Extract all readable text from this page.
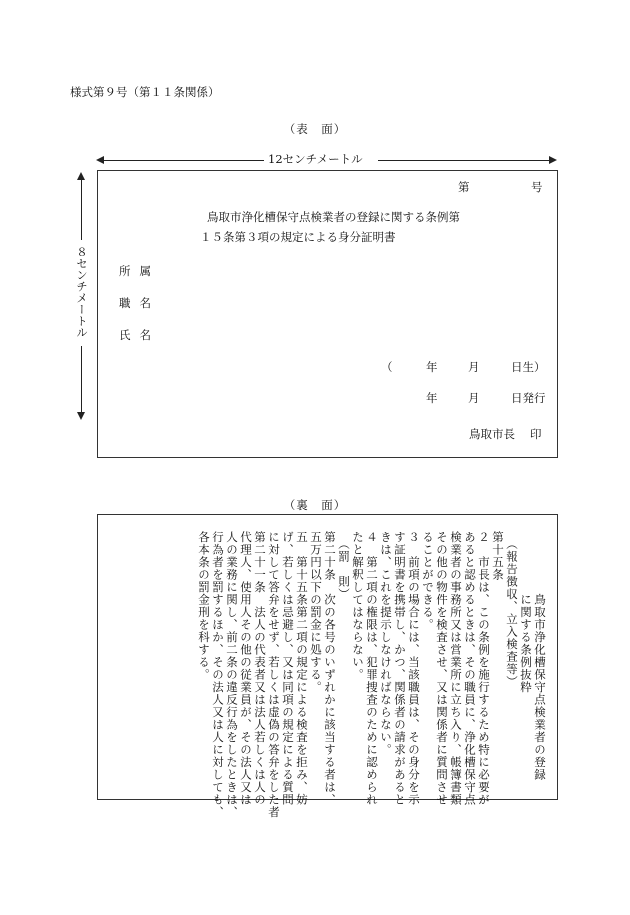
様式第９号（第１１条関係）
（表　面）
12センチメートル
８センチメートル
第	号
鳥取市浄化槽保守点検業者の登録に関する条例第
１５条第３項の規定による身分証明書
所属
職名
氏名
（	年	月	日生）
年	月	日発行
鳥取市長 印
（裏　面）
　　　　　鳥取市浄化槽保守点検業者の登録
　　　　　に関する条例抜粋
　（報告徴収、立入検査等）
第十五条
２　市長は、この条例を施行するため特に必要が
あると認めるときは、その職員に、浄化槽保守点
検業者の事務所又は営業所に立ち入り、帳簿書類
その他の物件を検査させ、又は関係者に質問させ
ることができる。
３　前項の場合には、当該職員は、その身分を示
す証明書を携帯し、かつ、関係者の請求があると
きは、これを提示しなければならない。
４　第二項の権限は、犯罪捜査のために認められ
たと解釈してはならない。
　（罰　則）
第二十条　次の各号のいずれかに該当する者は、
五万円以下の罰金に処する。
五　第十五条第二項の規定による検査を拒み、妨
げ、若しくは忌避し、又は同項の規定による質問
に対して答弁をせず、若しくは虚偽の答弁をした者
第二十一条　法人の代表者又は法人若しくは人の
代理人、使用人その他の従業員が、その法人又は
人の業務に関し、前二条の違反行為をしたときは、
行為者を罰するほか、その法人又は人に対しても、
各本条の罰金刑を科する。
